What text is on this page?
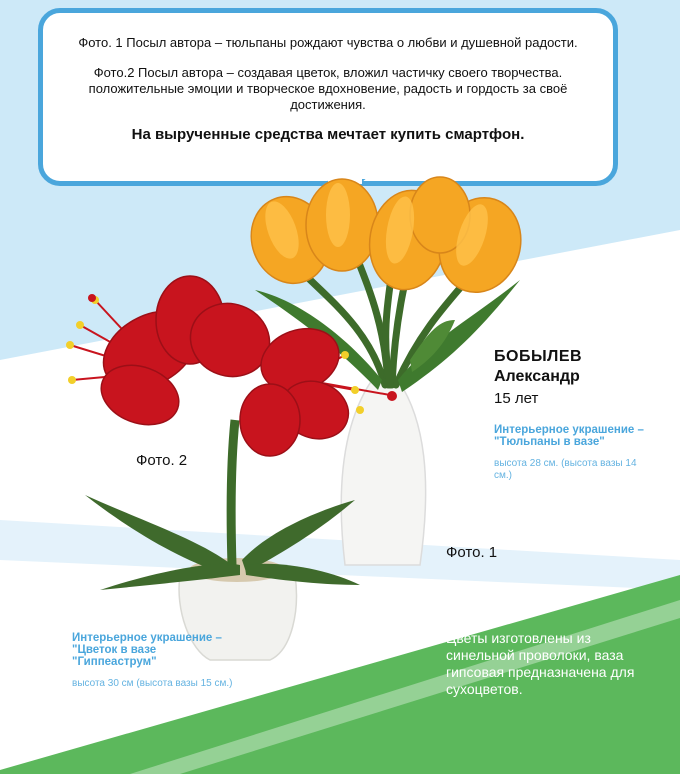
Фото. 1 Посыл автора – тюльпаны рождают чувства о любви и душевной радости.

Фото.2 Посыл автора – создавая цветок, вложил частичку своего творчества. положительные эмоции и творческое вдохновение, радость и гордость за своё достижения.

На вырученные средства мечтает купить смартфон.

БОБЫЛЕВ
Александр
15 лет
Интерьерное украшение – "Тюльпаны в вазе"
высота 28 см. (высота вазы 14 см.)
Фото. 1
Фото. 2
Интерьерное украшение – "Цветок в вазе "Гиппеаструм"
высота 30 см (высота вазы 15 см.)
Цветы изготовлены из синельной проволоки, ваза гипсовая предназначена для сухоцветов.
